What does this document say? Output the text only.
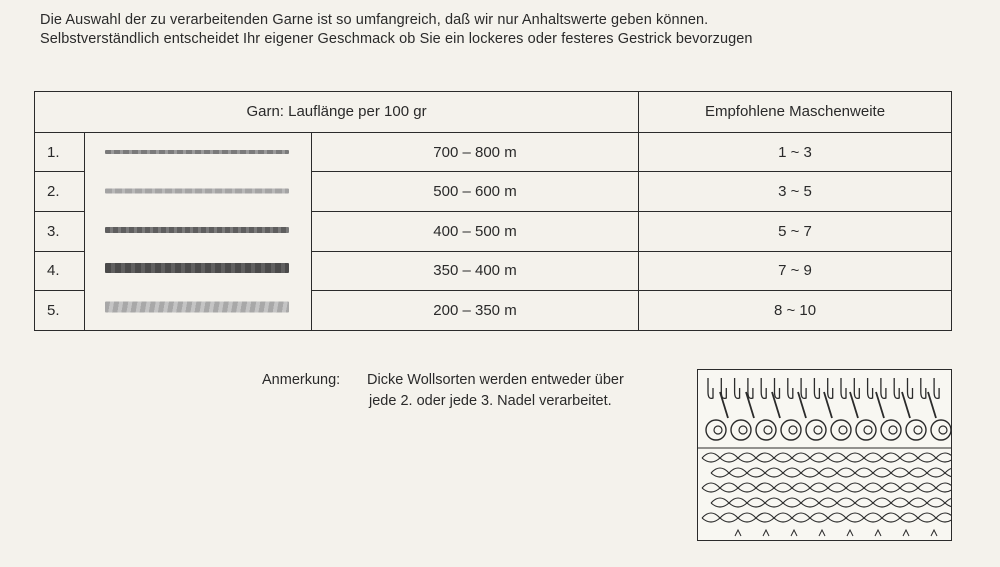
Die Auswahl der zu verarbeitenden Garne ist so umfangreich, daß wir nur Anhaltswerte geben können.
Selbstverständlich entscheidet Ihr eigener Geschmack ob Sie ein lockeres oder festeres Gestrick bevorzugen
Garn: Lauflänge per 100 gr			Empfohlene Maschenweite
1.		700 – 800 m	1 ~ 3
2.		500 – 600 m	3 ~ 5
3.		400 – 500 m	5 ~ 7
4.		350 – 400 m	7 ~ 9
5.		200 – 350 m	8 ~ 10
Anmerkung: Dicke Wollsorten werden entweder über
jede 2. oder jede 3. Nadel verarbeitet.
